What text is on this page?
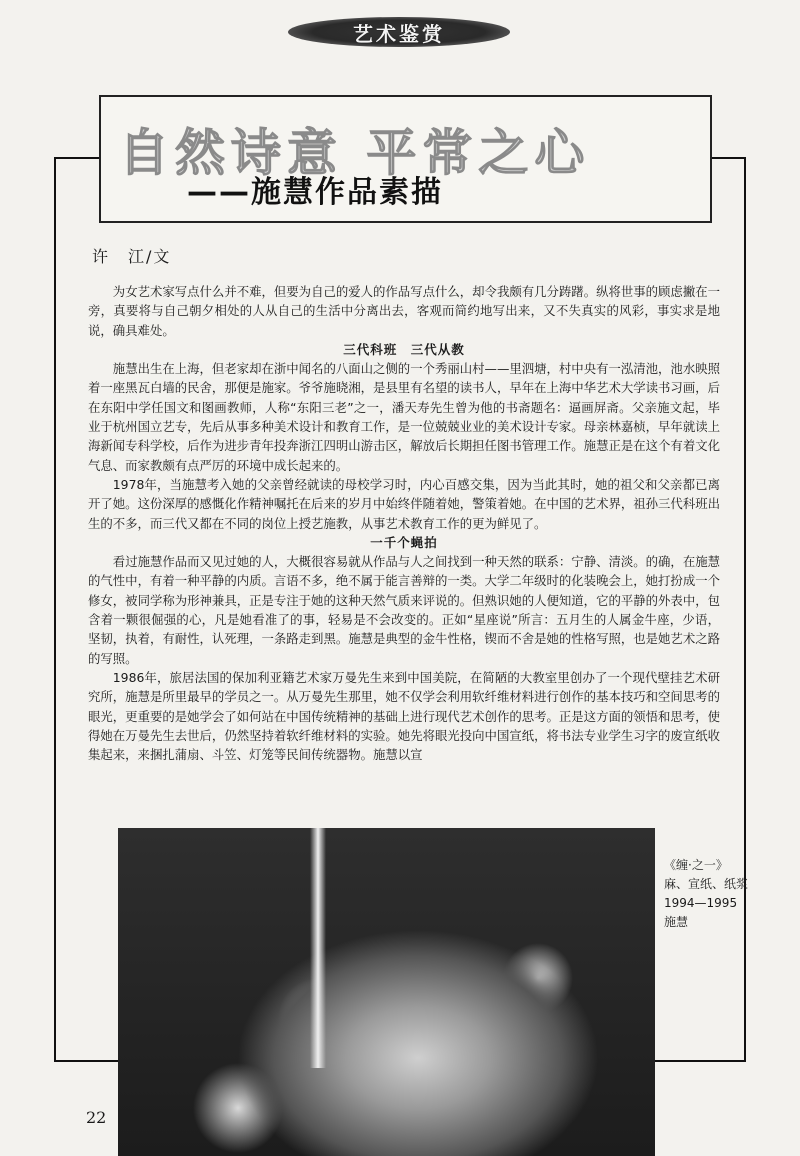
艺术鉴赏
自然诗意 平常之心
——施慧作品素描
许　江/文

为女艺术家写点什么并不难，但要为自己的爱人的作品写点什么，却令我颇有几分踌躇。纵将世事的顾虑撇在一旁，真要将与自己朝夕相处的人从自己的生活中分离出去，客观而简约地写出来，又不失真实的风彩，事实求是地说，确具难处。

三代科班　三代从教

施慧出生在上海，但老家却在浙中闻名的八面山之侧的一个秀丽山村——里泗塘，村中央有一泓清池，池水映照着一座黑瓦白墙的民舍，那便是施家。爷爷施晓湘，是县里有名望的读书人，早年在上海中华艺术大学读书习画，后在东阳中学任国文和图画教师，人称“东阳三老”之一，潘天寿先生曾为他的书斋题名：逼画屏斋。父亲施文起，毕业于杭州国立艺专，先后从事多种美术设计和教育工作，是一位兢兢业业的美术设计专家。母亲林嘉桢，早年就读上海新闻专科学校，后作为进步青年投奔浙江四明山游击区，解放后长期担任图书管理工作。施慧正是在这个有着文化气息、而家教颇有点严厉的环境中成长起来的。

1978年，当施慧考入她的父亲曾经就读的母校学习时，内心百感交集，因为当此其时，她的祖父和父亲都已离开了她。这份深厚的感慨化作精神嘱托在后来的岁月中始终伴随着她，警策着她。在中国的艺术界，祖孙三代科班出生的不多，而三代又都在不同的岗位上授艺施教，从事艺术教育工作的更为鲜见了。

一千个蝇拍

看过施慧作品而又见过她的人，大概很容易就从作品与人之间找到一种天然的联系：宁静、清淡。的确，在施慧的气性中，有着一种平静的内质。言语不多，绝不属于能言善辩的一类。大学二年级时的化装晚会上，她打扮成一个修女，被同学称为形神兼具，正是专注于她的这种天然气质来评说的。但熟识她的人便知道，它的平静的外表中，包含着一颗很倔强的心，凡是她看准了的事，轻易是不会改变的。正如“星座说”所言：五月生的人属金牛座，少语，坚韧，执着，有耐性，认死理，一条路走到黑。施慧是典型的金牛性格，锲而不舍是她的性格写照，也是她艺术之路的写照。

1986年，旅居法国的保加利亚籍艺术家万曼先生来到中国美院，在简陋的大教室里创办了一个现代壁挂艺术研究所，施慧是所里最早的学员之一。从万曼先生那里，她不仅学会利用软纤维材料进行创作的基本技巧和空间思考的眼光，更重要的是她学会了如何站在中国传统精神的基础上进行现代艺术创作的思考。正是这方面的领悟和思考，使得她在万曼先生去世后，仍然坚持着软纤维材料的实验。她先将眼光投向中国宣纸，将书法专业学生习字的废宣纸收集起来，来捆扎蒲扇、斗笠、灯笼等民间传统器物。施慧以宣

《缠·之一》
麻、宣纸、纸浆
1994—1995
施慧
22
